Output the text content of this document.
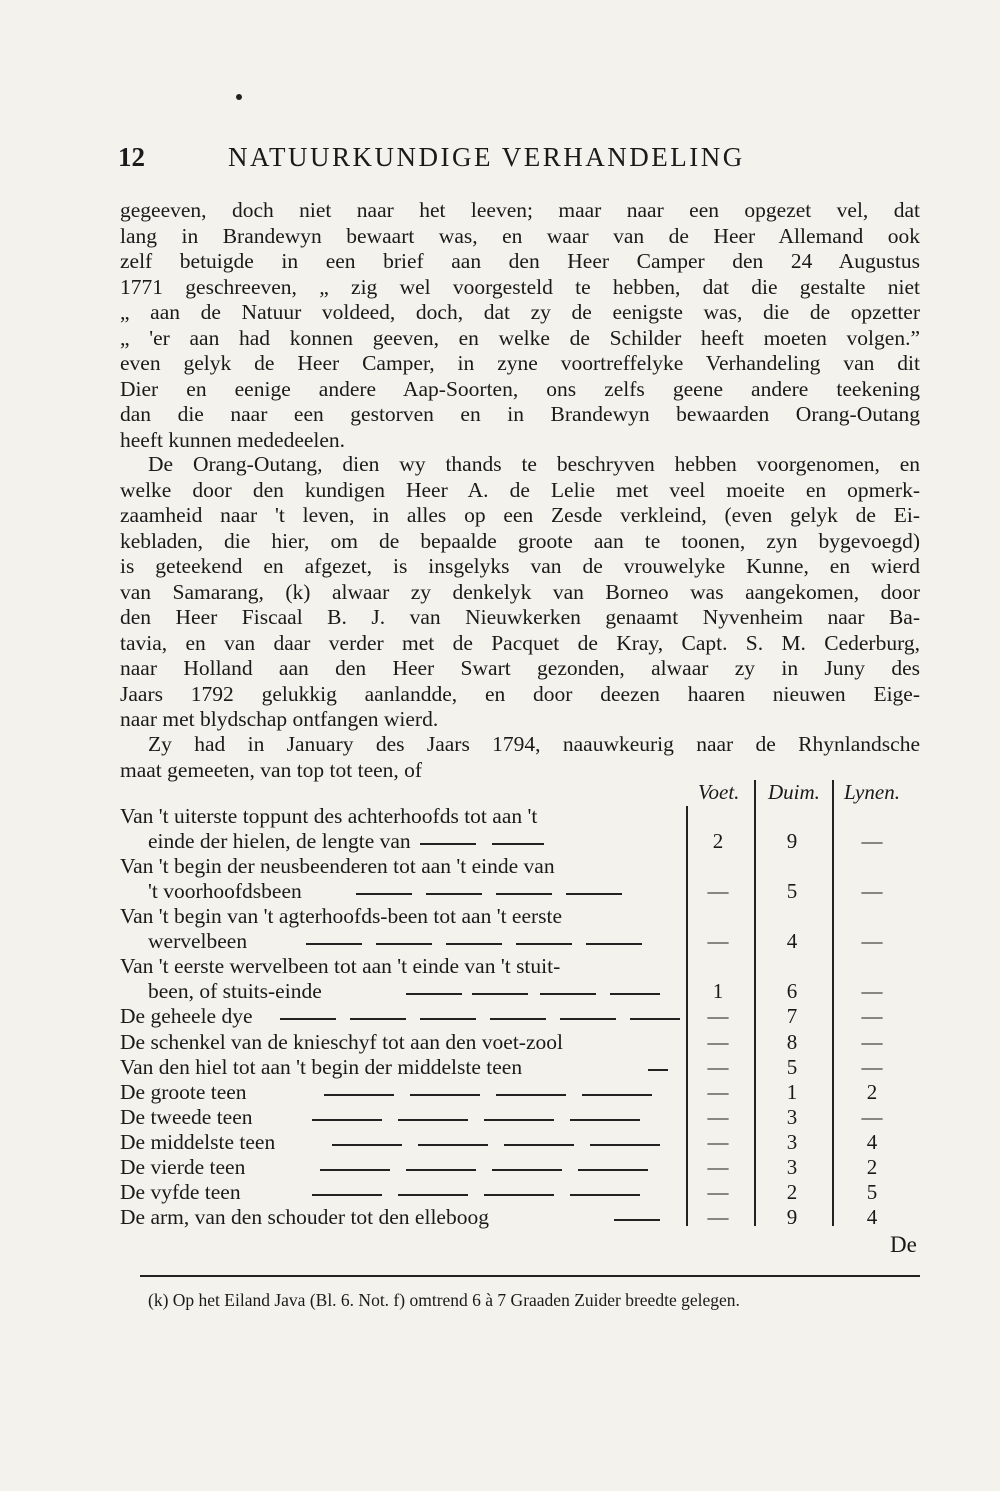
12	NATUURKUNDIGE VERHANDELING
gegeeven, doch niet naar het leeven; maar naar een opgezet vel, dat
lang in Brandewyn bewaart was, en waar van de Heer Allemand ook
zelf betuigde in een brief aan den Heer Camper den 24 Augustus
1771 geschreeven, „ zig wel voorgesteld te hebben, dat die gestalte niet
„ aan de Natuur voldeed, doch, dat zy de eenigste was, die de opzetter
„ 'er aan had konnen geeven, en welke de Schilder heeft moeten volgen.”
even gelyk de Heer Camper, in zyne voortreffelyke Verhandeling van dit
Dier en eenige andere Aap-Soorten, ons zelfs geene andere teekening
dan die naar een gestorven en in Brandewyn bewaarden Orang-Outang
heeft kunnen mededeelen.
De Orang-Outang, dien wy thands te beschryven hebben voorgenomen, en
welke door den kundigen Heer A. de Lelie met veel moeite en opmerk-
zaamheid naar 't leven, in alles op een Zesde verkleind, (even gelyk de Ei-
kebladen, die hier, om de bepaalde groote aan te toonen, zyn bygevoegd)
is geteekend en afgezet, is insgelyks van de vrouwelyke Kunne, en wierd
van Samarang, (k) alwaar zy denkelyk van Borneo was aangekomen, door
den Heer Fiscaal B. J. van Nieuwkerken genaamt Nyvenheim naar Ba-
tavia, en van daar verder met de Pacquet de Kray, Capt. S. M. Cederburg,
naar Holland aan den Heer Swart gezonden, alwaar zy in Juny des
Jaars 1792 gelukkig aanlandde, en door deezen haaren nieuwen Eige-
naar met blydschap ontfangen wierd.
Zy had in January des Jaars 1794, naauwkeurig naar de Rhynlandsche
maat gemeeten, van top tot teen, of
Voet. Duim. Lynen.
Van 't uiterste toppunt des achterhoofds tot aan 't
einde der hielen, de lengte van	2	9	—
Van 't begin der neusbeenderen tot aan 't einde van
't voorhoofdsbeen	—	5	—
Van 't begin van 't agterhoofds-been tot aan 't eerste
wervelbeen	—	4	—
Van 't eerste wervelbeen tot aan 't einde van 't stuit-
been, of stuits-einde	1	6	—
De geheele dye	—	7	—
De schenkel van de knieschyf tot aan den voet-zool	—	8	—
Van den hiel tot aan 't begin der middelste teen	—	5	—
De groote teen	—	1	2
De tweede teen	—	3	—
De middelste teen	—	3	4
De vierde teen	—	3	2
De vyfde teen	—	2	5
De arm, van den schouder tot den elleboog	—	9	4
De
(k) Op het Eiland Java (Bl. 6. Not. f) omtrend 6 à 7 Graaden Zuider breedte gelegen.
